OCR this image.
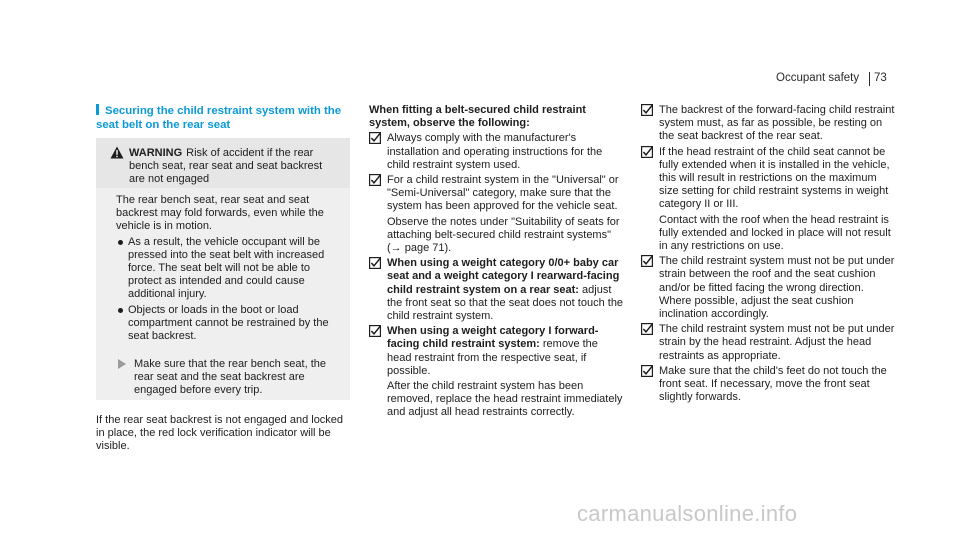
Occupant safety 73
Securing the child restraint system with the seat belt on the rear seat
WARNING Risk of accident if the rear bench seat, rear seat and seat backrest are not engaged

The rear bench seat, rear seat and seat backrest may fold forwards, even while the vehicle is in motion.

As a result, the vehicle occupant will be pressed into the seat belt with increased force. The seat belt will not be able to protect as intended and could cause additional injury.
Objects or loads in the boot or load compartment cannot be restrained by the seat backrest.
Make sure that the rear bench seat, the rear seat and the seat backrest are engaged before every trip.
If the rear seat backrest is not engaged and locked in place, the red lock verification indicator will be visible.
When fitting a belt-secured child restraint system, observe the following:

Always comply with the manufacturer's installation and operating instructions for the child restraint system used.

For a child restraint system in the "Universal" or "Semi-Universal" category, make sure that the system has been approved for the vehicle seat.

Observe the notes under "Suitability of seats for attaching belt-secured child restraint systems" (→ page 71).

When using a weight category 0/0+ baby car seat and a weight category I rearward-facing child restraint system on a rear seat: adjust the front seat so that the seat does not touch the child restraint system.

When using a weight category I forward-facing child restraint system: remove the head restraint from the respective seat, if possible.

After the child restraint system has been removed, replace the head restraint immediately and adjust all head restraints correctly.

The backrest of the forward-facing child restraint system must, as far as possible, be resting on the seat backrest of the rear seat.

If the head restraint of the child seat cannot be fully extended when it is installed in the vehicle, this will result in restrictions on the maximum size setting for child restraint systems in weight category II or III.

Contact with the roof when the head restraint is fully extended and locked in place will not result in any restrictions on use.

The child restraint system must not be put under strain between the roof and the seat cushion and/or be fitted facing the wrong direction. Where possible, adjust the seat cushion inclination accordingly.

The child restraint system must not be put under strain by the head restraint. Adjust the head restraints as appropriate.

Make sure that the child's feet do not touch the front seat. If necessary, move the front seat slightly forwards.

carmanualsonline.info
